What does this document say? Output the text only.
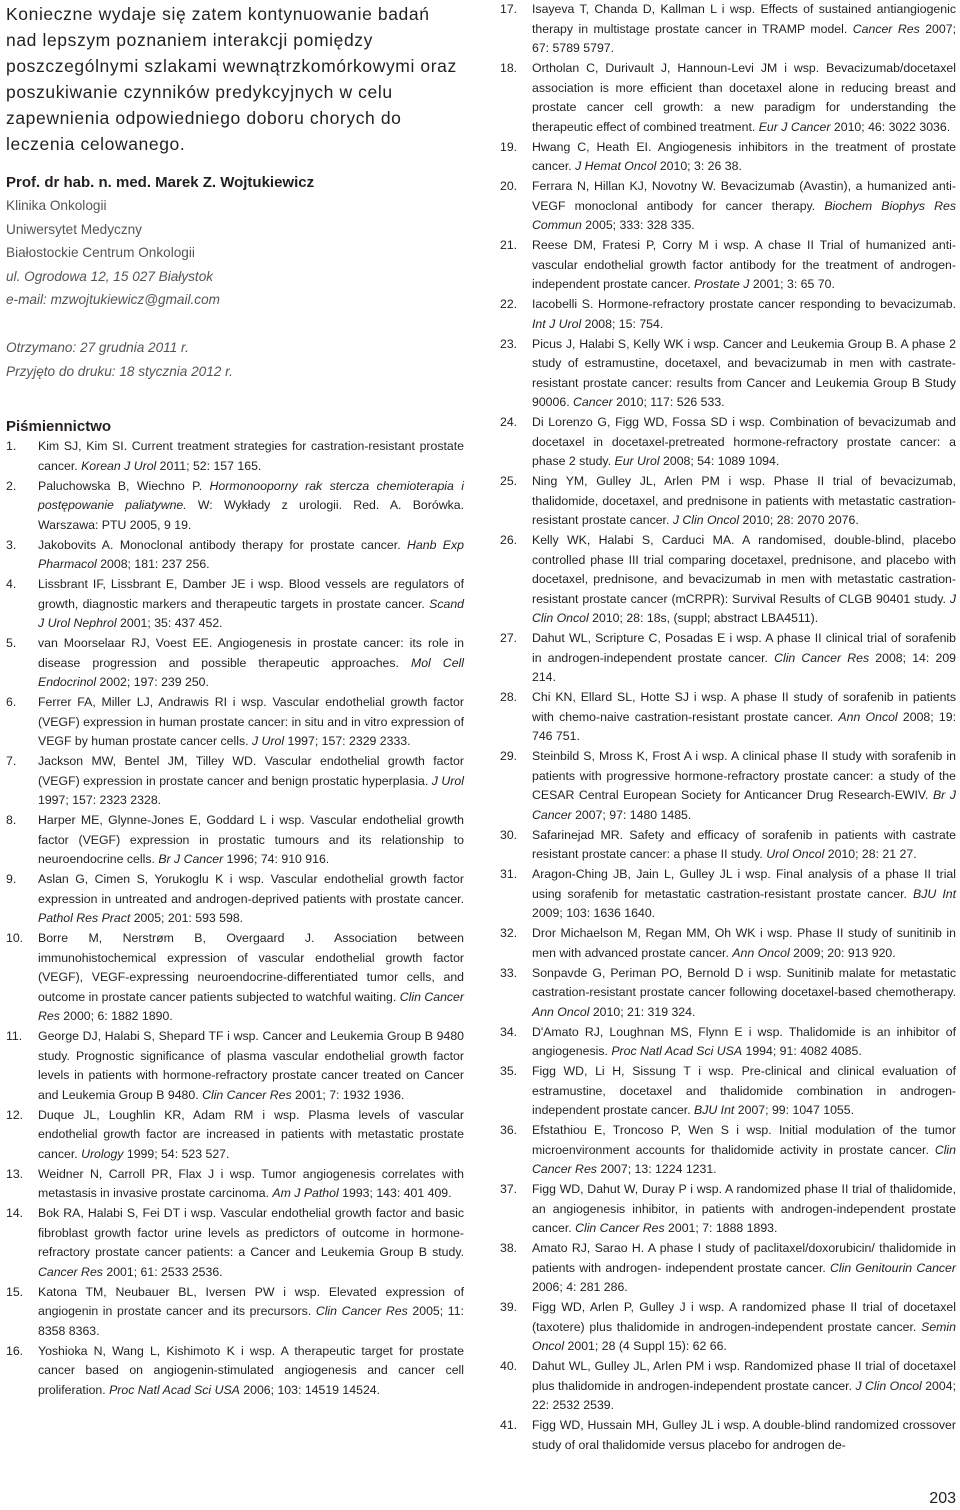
Konieczne wydaje się zatem kontynuowanie badań nad lepszym poznaniem interakcji pomiędzy poszczególnymi szlakami wewnątrzkomórkowymi oraz poszukiwanie czynników predykcyjnych w celu zapewnienia odpowiedniego doboru chorych do leczenia celowanego.
Prof. dr hab. n. med. Marek Z. Wojtukiewicz
Klinika Onkologii
Uniwersytet Medyczny
Białostockie Centrum Onkologii
ul. Ogrodowa 12, 15 027 Białystok
e-mail: mzwojtukiewicz@gmail.com
Otrzymano: 27 grudnia 2011 r.
Przyjęto do druku: 18 stycznia 2012 r.
Piśmiennictwo
1.	Kim SJ, Kim SI. Current treatment strategies for castration-resistant prostate cancer. Korean J Urol 2011; 52: 157 165.
2.	Paluchowska B, Wiechno P. Hormonooporny rak stercza chemioterapia i postępowanie paliatywne. W: Wykłady z urologii. Red. A. Borówka. Warszawa: PTU 2005, 9 19.
3.	Jakobovits A. Monoclonal antibody therapy for prostate cancer. Hanb Exp Pharmacol 2008; 181: 237 256.
4.	Lissbrant IF, Lissbrant E, Damber JE i wsp. Blood vessels are regulators of growth, diagnostic markers and therapeutic targets in prostate cancer. Scand J Urol Nephrol 2001; 35: 437 452.
5.	van Moorselaar RJ, Voest EE. Angiogenesis in prostate cancer: its role in disease progression and possible therapeutic approaches. Mol Cell Endocrinol 2002; 197: 239 250.
6.	Ferrer FA, Miller LJ, Andrawis RI i wsp. Vascular endothelial growth factor (VEGF) expression in human prostate cancer: in situ and in vitro expression of VEGF by human prostate cancer cells. J Urol 1997; 157: 2329 2333.
7.	Jackson MW, Bentel JM, Tilley WD. Vascular endothelial growth factor (VEGF) expression in prostate cancer and benign prostatic hyperplasia. J Urol 1997; 157: 2323 2328.
8.	Harper ME, Glynne-Jones E, Goddard L i wsp. Vascular endothelial growth factor (VEGF) expression in prostatic tumours and its relationship to neuroendocrine cells. Br J Cancer 1996; 74: 910 916.
9.	Aslan G, Cimen S, Yorukoglu K i wsp. Vascular endothelial growth factor expression in untreated and androgen-deprived patients with prostate cancer. Pathol Res Pract 2005; 201: 593 598.
10.	Borre M, Nerstrøm B, Overgaard J. Association between immunohistochemical expression of vascular endothelial growth factor (VEGF), VEGF-expressing neuroendocrine-differentiated tumor cells, and outcome in prostate cancer patients subjected to watchful waiting. Clin Cancer Res 2000; 6: 1882 1890.
11.	George DJ, Halabi S, Shepard TF i wsp. Cancer and Leukemia Group B 9480 study. Prognostic significance of plasma vascular endothelial growth factor levels in patients with hormone-refractory prostate cancer treated on Cancer and Leukemia Group B 9480. Clin Cancer Res 2001; 7: 1932 1936.
12.	Duque JL, Loughlin KR, Adam RM i wsp. Plasma levels of vascular endothelial growth factor are increased in patients with metastatic prostate cancer. Urology 1999; 54: 523 527.
13.	Weidner N, Carroll PR, Flax J i wsp. Tumor angiogenesis correlates with metastasis in invasive prostate carcinoma. Am J Pathol 1993; 143: 401 409.
14.	Bok RA, Halabi S, Fei DT i wsp. Vascular endothelial growth factor and basic fibroblast growth factor urine levels as predictors of outcome in hormone-refractory prostate cancer patients: a Cancer and Leukemia Group B study. Cancer Res 2001; 61: 2533 2536.
15.	Katona TM, Neubauer BL, Iversen PW i wsp. Elevated expression of angiogenin in prostate cancer and its precursors. Clin Cancer Res 2005; 11: 8358 8363.
16.	Yoshioka N, Wang L, Kishimoto K i wsp. A therapeutic target for prostate cancer based on angiogenin-stimulated angiogenesis and cancer cell proliferation. Proc Natl Acad Sci USA 2006; 103: 14519 14524.
17.	Isayeva T, Chanda D, Kallman L i wsp. Effects of sustained antiangiogenic therapy in multistage prostate cancer in TRAMP model. Cancer Res 2007; 67: 5789 5797.
18.	Ortholan C, Durivault J, Hannoun-Levi JM i wsp. Bevacizumab/docetaxel association is more efficient than docetaxel alone in reducing breast and prostate cancer cell growth: a new paradigm for understanding the therapeutic effect of combined treatment. Eur J Cancer 2010; 46: 3022 3036.
19.	Hwang C, Heath EI. Angiogenesis inhibitors in the treatment of prostate cancer. J Hemat Oncol 2010; 3: 26 38.
20.	Ferrara N, Hillan KJ, Novotny W. Bevacizumab (Avastin), a humanized anti-VEGF monoclonal antibody for cancer therapy. Biochem Biophys Res Commun 2005; 333: 328 335.
21.	Reese DM, Fratesi P, Corry M i wsp. A chase II Trial of humanized anti-vascular endothelial growth factor antibody for the treatment of androgen-independent prostate cancer. Prostate J 2001; 3: 65 70.
22.	Iacobelli S. Hormone-refractory prostate cancer responding to bevacizumab. Int J Urol 2008; 15: 754.
23.	Picus J, Halabi S, Kelly WK i wsp. Cancer and Leukemia Group B. A phase 2 study of estramustine, docetaxel, and bevacizumab in men with castrate-resistant prostate cancer: results from Cancer and Leukemia Group B Study 90006. Cancer 2010; 117: 526 533.
24.	Di Lorenzo G, Figg WD, Fossa SD i wsp. Combination of bevacizumab and docetaxel in docetaxel-pretreated hormone-refractory prostate cancer: a phase 2 study. Eur Urol 2008; 54: 1089 1094.
25.	Ning YM, Gulley JL, Arlen PM i wsp. Phase II trial of bevacizumab, thalidomide, docetaxel, and prednisone in patients with metastatic castration-resistant prostate cancer. J Clin Oncol 2010; 28: 2070 2076.
26.	Kelly WK, Halabi S, Carduci MA. A randomised, double-blind, placebo controlled phase III trial comparing docetaxel, prednisone, and placebo with docetaxel, prednisone, and bevacizumab in men with metastatic castration-resistant prostate cancer (mCRPR): Survival Results of CLGB 90401 study. J Clin Oncol 2010; 28: 18s, (suppl; abstract LBA4511).
27.	Dahut WL, Scripture C, Posadas E i wsp. A phase II clinical trial of sorafenib in androgen-independent prostate cancer. Clin Cancer Res 2008; 14: 209 214.
28.	Chi KN, Ellard SL, Hotte SJ i wsp. A phase II study of sorafenib in patients with chemo-naive castration-resistant prostate cancer. Ann Oncol 2008; 19: 746 751.
29.	Steinbild S, Mross K, Frost A i wsp. A clinical phase II study with sorafenib in patients with progressive hormone-refractory prostate cancer: a study of the CESAR Central European Society for Anticancer Drug Research-EWIV. Br J Cancer 2007; 97: 1480 1485.
30.	Safarinejad MR. Safety and efficacy of sorafenib in patients with castrate resistant prostate cancer: a phase II study. Urol Oncol 2010; 28: 21 27.
31.	Aragon-Ching JB, Jain L, Gulley JL i wsp. Final analysis of a phase II trial using sorafenib for metastatic castration-resistant prostate cancer. BJU Int 2009; 103: 1636 1640.
32.	Dror Michaelson M, Regan MM, Oh WK i wsp. Phase II study of sunitinib in men with advanced prostate cancer. Ann Oncol 2009; 20: 913 920.
33.	Sonpavde G, Periman PO, Bernold D i wsp. Sunitinib malate for metastatic castration-resistant prostate cancer following docetaxel-based chemotherapy. Ann Oncol 2010; 21: 319 324.
34.	D'Amato RJ, Loughnan MS, Flynn E i wsp. Thalidomide is an inhibitor of angiogenesis. Proc Natl Acad Sci USA 1994; 91: 4082 4085.
35.	Figg WD, Li H, Sissung T i wsp. Pre-clinical and clinical evaluation of estramustine, docetaxel and thalidomide combination in androgen-independent prostate cancer. BJU Int 2007; 99: 1047 1055.
36.	Efstathiou E, Troncoso P, Wen S i wsp. Initial modulation of the tumor microenvironment accounts for thalidomide activity in prostate cancer. Clin Cancer Res 2007; 13: 1224 1231.
37.	Figg WD, Dahut W, Duray P i wsp. A randomized phase II trial of thalidomide, an angiogenesis inhibitor, in patients with androgen-independent prostate cancer. Clin Cancer Res 2001; 7: 1888 1893.
38.	Amato RJ, Sarao H. A phase I study of paclitaxel/doxorubicin/ thalidomide in patients with androgen- independent prostate cancer. Clin Genitourin Cancer 2006; 4: 281 286.
39.	Figg WD, Arlen P, Gulley J i wsp. A randomized phase II trial of docetaxel (taxotere) plus thalidomide in androgen-independent prostate cancer. Semin Oncol 2001; 28 (4 Suppl 15): 62 66.
40.	Dahut WL, Gulley JL, Arlen PM i wsp. Randomized phase II trial of docetaxel plus thalidomide in androgen-independent prostate cancer. J Clin Oncol 2004; 22: 2532 2539.
41.	Figg WD, Hussain MH, Gulley JL i wsp. A double-blind randomized crossover study of oral thalidomide versus placebo for androgen de-
203
